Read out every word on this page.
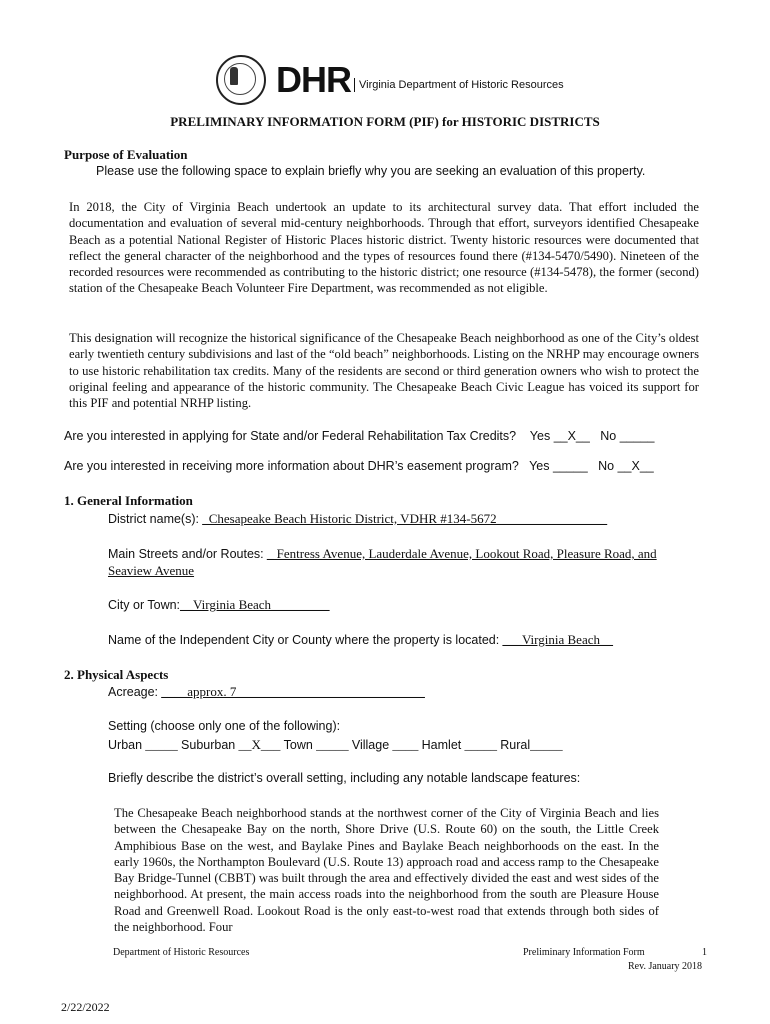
DHR Virginia Department of Historic Resources
PRELIMINARY INFORMATION FORM (PIF) for HISTORIC DISTRICTS
Purpose of Evaluation
Please use the following space to explain briefly why you are seeking an evaluation of this property.
In 2018, the City of Virginia Beach undertook an update to its architectural survey data. That effort included the documentation and evaluation of several mid-century neighborhoods. Through that effort, surveyors identified Chesapeake Beach as a potential National Register of Historic Places historic district. Twenty historic resources were documented that reflect the general character of the neighborhood and the types of resources found there (#134-5470/5490). Nineteen of the recorded resources were recommended as contributing to the historic district; one resource (#134-5478), the former (second) station of the Chesapeake Beach Volunteer Fire Department, was recommended as not eligible.
This designation will recognize the historical significance of the Chesapeake Beach neighborhood as one of the City’s oldest early twentieth century subdivisions and last of the “old beach” neighborhoods. Listing on the NRHP may encourage owners to use historic rehabilitation tax credits. Many of the residents are second or third generation owners who wish to protect the original feeling and appearance of the historic community. The Chesapeake Beach Civic League has voiced its support for this PIF and potential NRHP listing.
Are you interested in applying for State and/or Federal Rehabilitation Tax Credits? Yes __X__ No _____
Are you interested in receiving more information about DHR’s easement program? Yes _____ No __X__
1. General Information
District name(s): _Chesapeake Beach Historic District, VDHR #134-5672_________________
Main Streets and/or Routes: _ Fentress Avenue, Lauderdale Avenue, Lookout Road, Pleasure Road, and
Seaview Avenue
City or Town:__Virginia Beach_________
Name of the Independent City or County where the property is located: ___Virginia Beach__
2. Physical Aspects
Acreage: ____approx. 7_____________________________
Setting (choose only one of the following):
Urban _____ Suburban __X___ Town _____ Village ____ Hamlet _____ Rural_____
Briefly describe the district’s overall setting, including any notable landscape features:
The Chesapeake Beach neighborhood stands at the northwest corner of the City of Virginia Beach and lies between the Chesapeake Bay on the north, Shore Drive (U.S. Route 60) on the south, the Little Creek Amphibious Base on the west, and Baylake Pines and Baylake Beach neighborhoods on the east. In the early 1960s, the Northampton Boulevard (U.S. Route 13) approach road and access ramp to the Chesapeake Bay Bridge-Tunnel (CBBT) was built through the area and effectively divided the east and west sides of the neighborhood. At present, the main access roads into the neighborhood from the south are Pleasure House Road and Greenwell Road. Lookout Road is the only east-to-west road that extends through both sides of the neighborhood. Four
Department of Historic Resources	Preliminary Information Form	1
Rev. January 2018
2/22/2022
